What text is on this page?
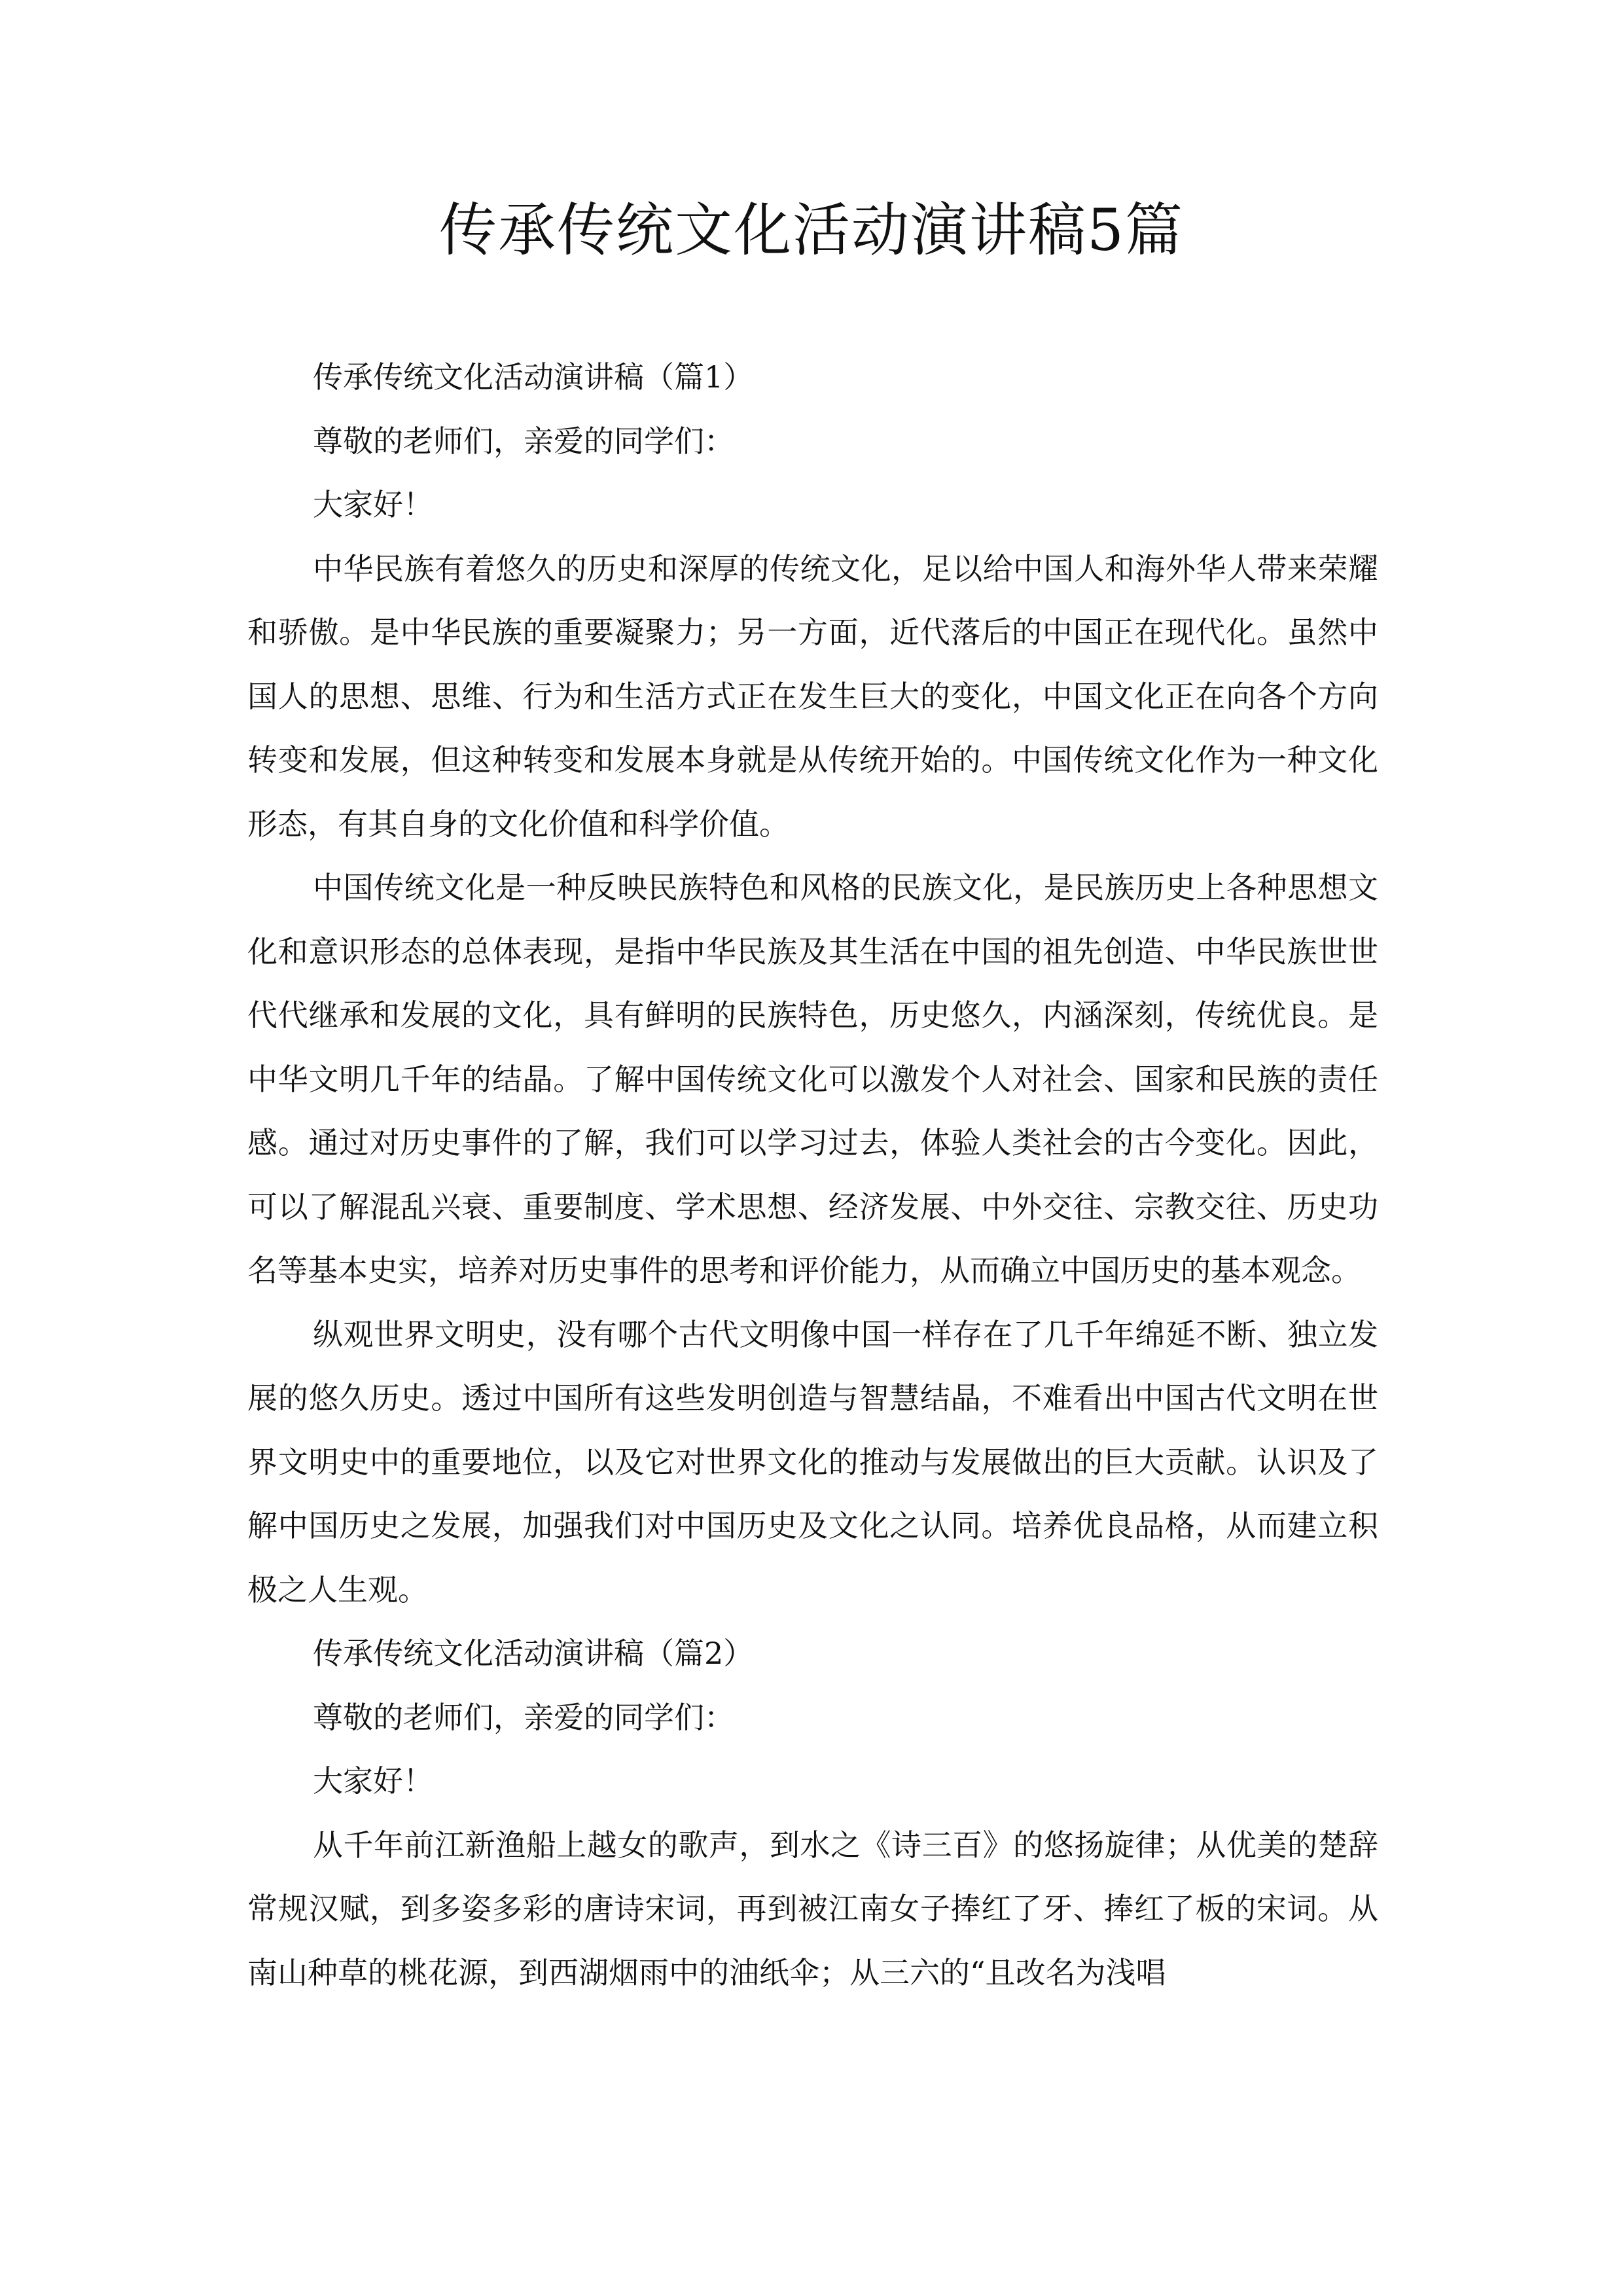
传承传统文化活动演讲稿5篇

传承传统文化活动演讲稿（篇1）

尊敬的老师们，亲爱的同学们：

大家好！

中华民族有着悠久的历史和深厚的传统文化，足以给中国人和海外华人带来荣耀和骄傲。是中华民族的重要凝聚力；另一方面，近代落后的中国正在现代化。虽然中国人的思想、思维、行为和生活方式正在发生巨大的变化，中国文化正在向各个方向转变和发展，但这种转变和发展本身就是从传统开始的。中国传统文化作为一种文化形态，有其自身的文化价值和科学价值。

中国传统文化是一种反映民族特色和风格的民族文化，是民族历史上各种思想文化和意识形态的总体表现，是指中华民族及其生活在中国的祖先创造、中华民族世世代代继承和发展的文化，具有鲜明的民族特色，历史悠久，内涵深刻，传统优良。是中华文明几千年的结晶。了解中国传统文化可以激发个人对社会、国家和民族的责任感。通过对历史事件的了解，我们可以学习过去，体验人类社会的古今变化。因此，可以了解混乱兴衰、重要制度、学术思想、经济发展、中外交往、宗教交往、历史功名等基本史实，培养对历史事件的思考和评价能力，从而确立中国历史的基本观念。

纵观世界文明史，没有哪个古代文明像中国一样存在了几千年绵延不断、独立发展的悠久历史。透过中国所有这些发明创造与智慧结晶，不难看出中国古代文明在世界文明史中的重要地位，以及它对世界文化的推动与发展做出的巨大贡献。认识及了解中国历史之发展，加强我们对中国历史及文化之认同。培养优良品格，从而建立积极之人生观。

传承传统文化活动演讲稿（篇2）

尊敬的老师们，亲爱的同学们：

大家好！

从千年前江新渔船上越女的歌声，到水之《诗三百》的悠扬旋律；从优美的楚辞常规汉赋，到多姿多彩的唐诗宋词，再到被江南女子捧红了牙、捧红了板的宋词。从南山种草的桃花源，到西湖烟雨中的油纸伞；从三六的“且改名为浅唱
